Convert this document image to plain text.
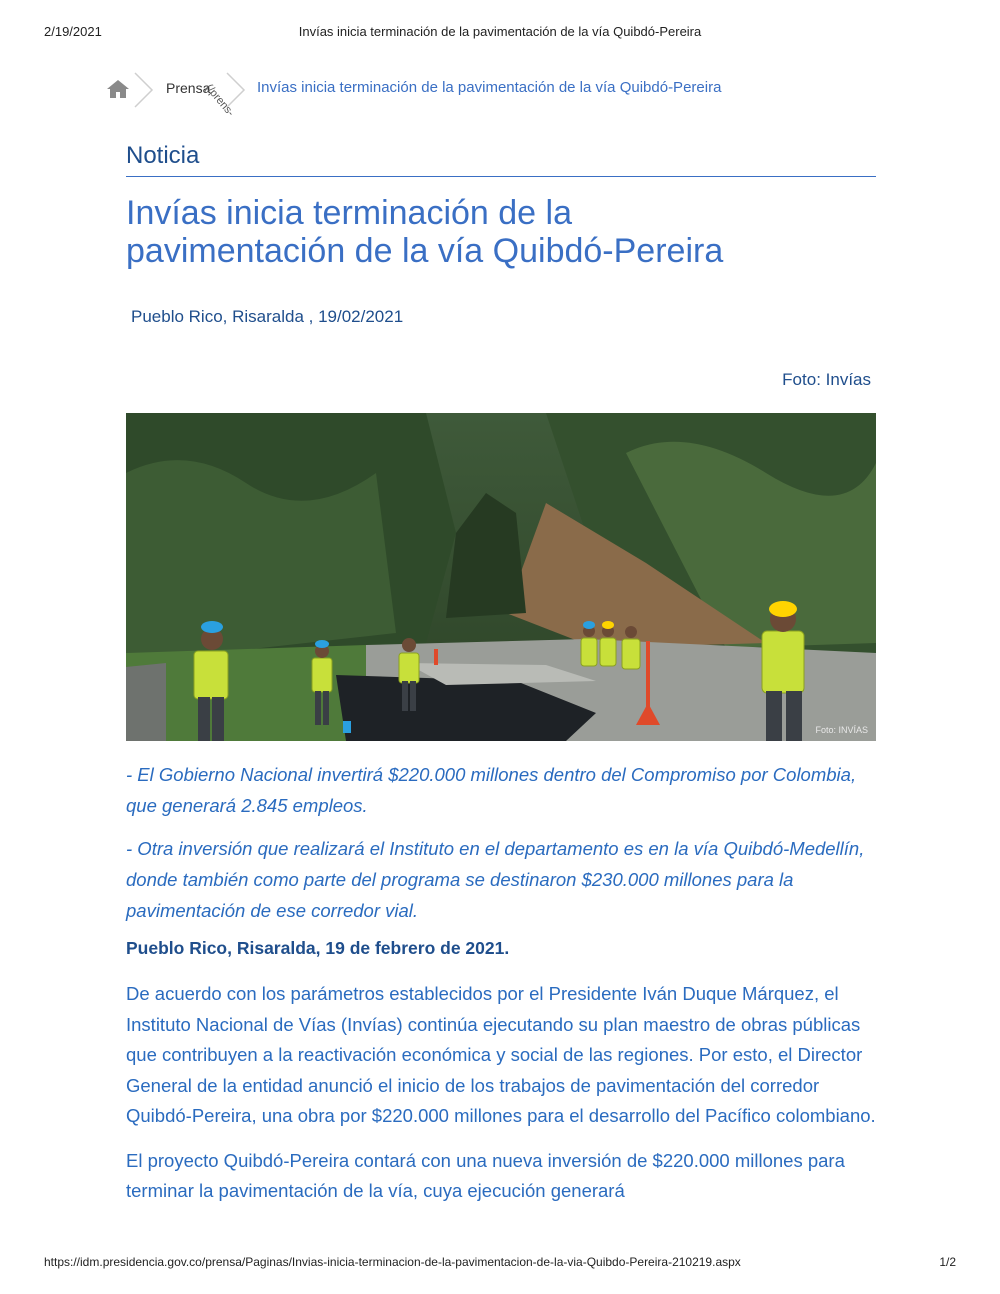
2/19/2021	Invías inicia terminación de la pavimentación de la vía Quibdó-Pereira
Prensa
(/prens- Invías inicia terminación de la pavimentación de la vía Quibdó-Pereira
Noticia
Invías inicia terminación de la
pavimentación de la vía Quibdó-Pereira
Pueblo Rico, Risaralda , 19/02/2021
Foto: Invías
Foto: INVÍAS

- El Gobierno Nacional invertirá $220.000 millones dentro del Compromiso por Colombia, que generará 2.845 empleos.

- Otra inversión que realizará el Instituto en el departamento es en la vía Quibdó-Medellín, donde también como parte del programa se destinaron $230.000 millones para la pavimentación de ese corredor vial.

Pueblo Rico, Risaralda, 19 de febrero de 2021.

De acuerdo con los parámetros establecidos por el Presidente Iván Duque Márquez, el Instituto Nacional de Vías (Invías) continúa ejecutando su plan maestro de obras públicas que contribuyen a la reactivación económica y social de las regiones. Por esto, el Director General de la entidad anunció el inicio de los trabajos de pavimentación del corredor Quibdó-Pereira, una obra por $220.000 millones para el desarrollo del Pacífico colombiano.

El proyecto Quibdó-Pereira contará con una nueva inversión de $220.000 millones para terminar la pavimentación de la vía, cuya ejecución generará

https://idm.presidencia.gov.co/prensa/Paginas/Invias-inicia-terminacion-de-la-pavimentacion-de-la-via-Quibdo-Pereira-210219.aspx	1/2
